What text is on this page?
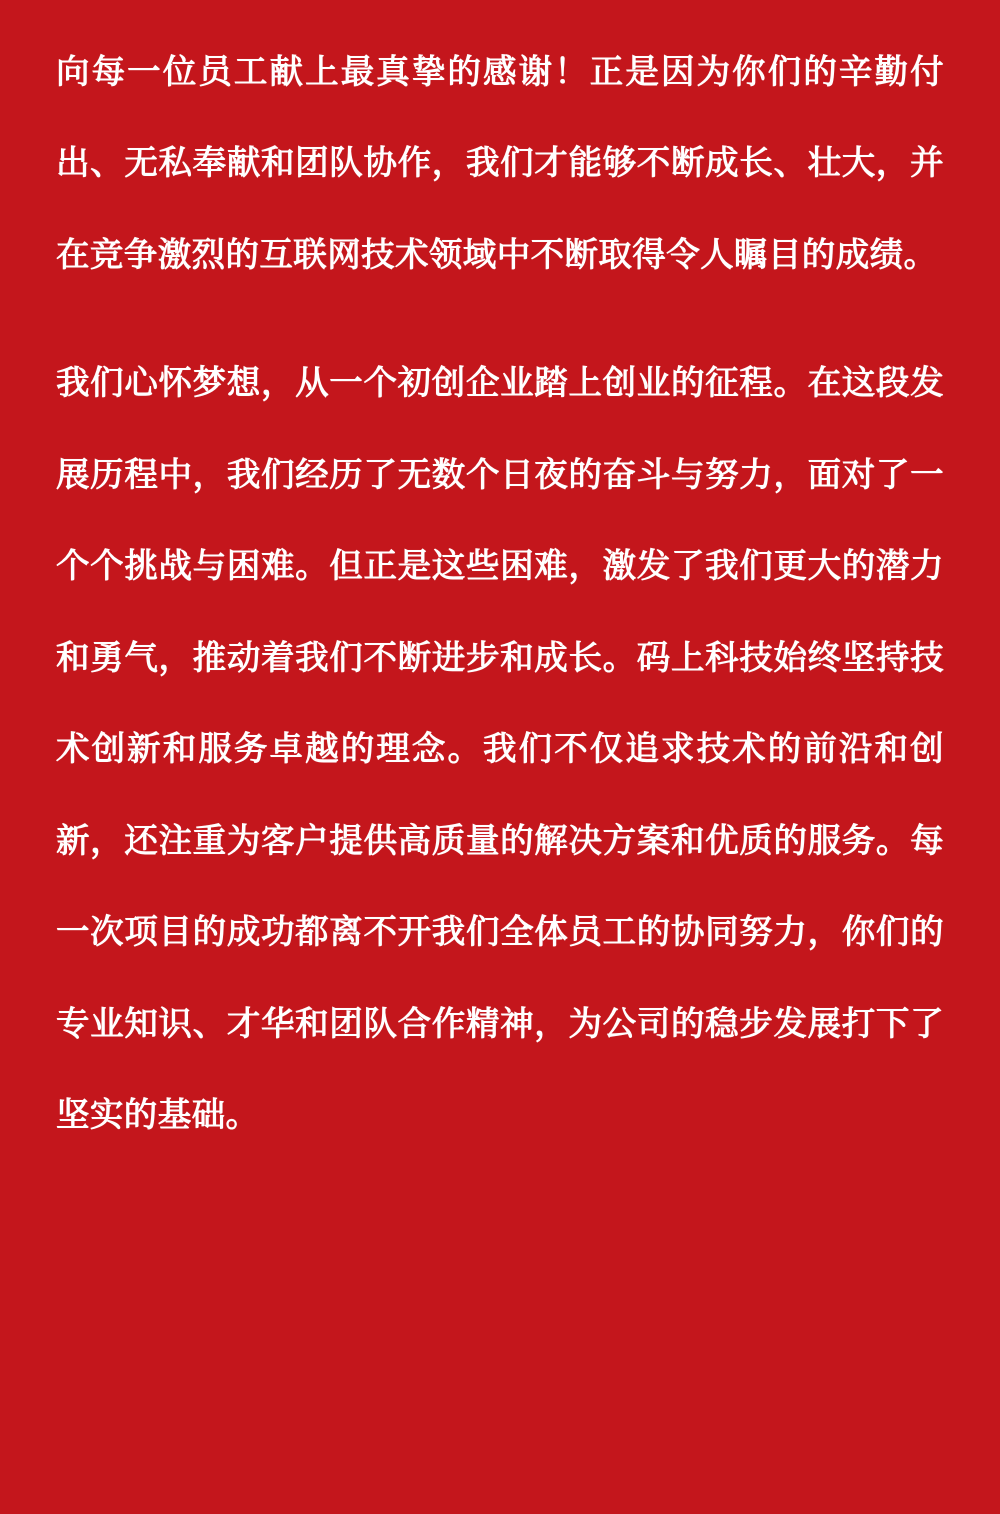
向每一位员工献上最真挚的感谢！正是因为你们的辛勤付出、无私奉献和团队协作，我们才能够不断成长、壮大，并在竞争激烈的互联网技术领域中不断取得令人瞩目的成绩。

我们心怀梦想，从一个初创企业踏上创业的征程。在这段发展历程中，我们经历了无数个日夜的奋斗与努力，面对了一个个挑战与困难。但正是这些困难，激发了我们更大的潜力和勇气，推动着我们不断进步和成长。码上科技始终坚持技术创新和服务卓越的理念。我们不仅追求技术的前沿和创新，还注重为客户提供高质量的解决方案和优质的服务。每一次项目的成功都离不开我们全体员工的协同努力，你们的专业知识、才华和团队合作精神，为公司的稳步发展打下了坚实的基础。
